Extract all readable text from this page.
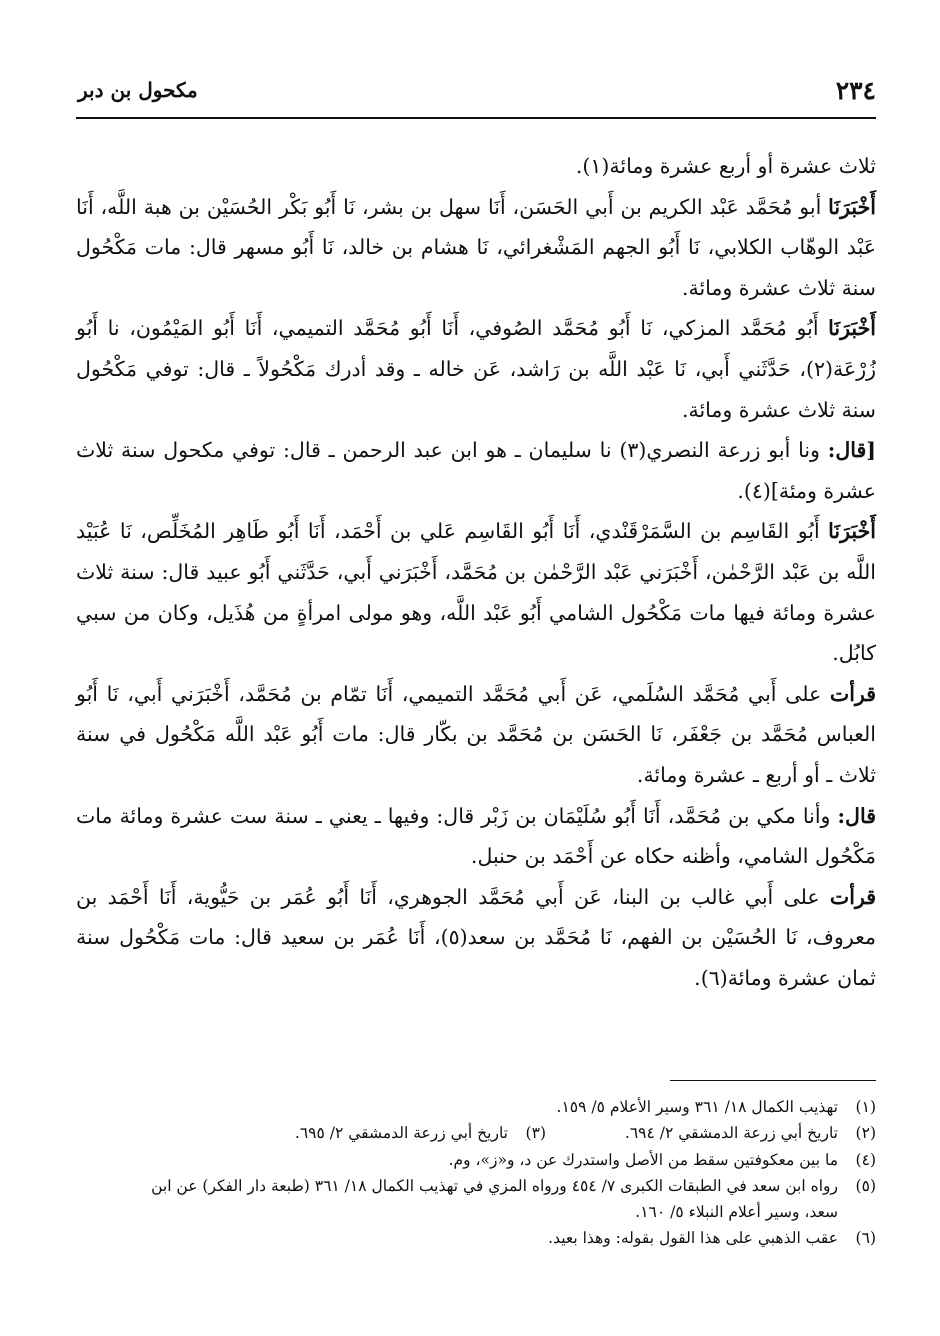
٢٣٤
مكحول بن دبر

ثلاث عشرة أو أربع عشرة ومائة(١).

أَخْبَرَنَا أبو مُحَمَّد عَبْد الكريم بن أَبي الحَسَن، أَنَا سهل بن بشر، نَا أَبُو بَكْر الحُسَيْن بن هبة اللَّه، أَنَا عَبْد الوهّاب الكلابي، نَا أَبُو الجهم المَشْغرائي، نَا هشام بن خالد، نَا أَبُو مسهر قال: مات مَكْحُول سنة ثلاث عشرة ومائة.

أَخْبَرَنَا أَبُو مُحَمَّد المزكي، نَا أَبُو مُحَمَّد الصُوفي، أَنَا أَبُو مُحَمَّد التميمي، أَنَا أَبُو المَيْمُون، نا أَبُو زُرْعَة(٢)، حَدَّثَني أَبي، نَا عَبْد اللَّه بن رَاشد، عَن خاله ـ وقد أدرك مَكْحُولاً ـ قال: توفي مَكْحُول سنة ثلاث عشرة ومائة.

[قال: ونا أبو زرعة النصري(٣) نا سليمان ـ هو ابن عبد الرحمن ـ قال: توفي مكحول سنة ثلاث عشرة ومئة](٤).

أَخْبَرَنَا أَبُو القَاسِم بن السَّمَرْقَنْدي، أَنَا أَبُو القَاسِم عَلي بن أَحْمَد، أَنَا أَبُو طَاهِر المُخَلِّص، نَا عُبَيْد اللَّه بن عَبْد الرَّحْمٰن، أَخْبَرَني عَبْد الرَّحْمٰن بن مُحَمَّد، أَخْبَرَني أَبي، حَدَّثَني أَبُو عبيد قال: سنة ثلاث عشرة ومائة فيها مات مَكْحُول الشامي أَبُو عَبْد اللَّه، وهو مولى امرأةٍ من هُذَيل، وكان من سبي كابُل.

قرأت على أَبي مُحَمَّد السُلَمي، عَن أَبي مُحَمَّد التميمي، أَنَا تمّام بن مُحَمَّد، أَخْبَرَني أَبي، نَا أَبُو العباس مُحَمَّد بن جَعْفَر، نَا الحَسَن بن مُحَمَّد بن بكّار قال: مات أَبُو عَبْد اللَّه مَكْحُول في سنة ثلاث ـ أو أربع ـ عشرة ومائة.

قال: وأنا مكي بن مُحَمَّد، أَنَا أَبُو سُلَيْمَان بن زَبْر قال: وفيها ـ يعني ـ سنة ست عشرة ومائة مات مَكْحُول الشامي، وأظنه حكاه عن أَحْمَد بن حنبل.

قرأت على أَبي غالب بن البنا، عَن أَبي مُحَمَّد الجوهري، أَنَا أَبُو عُمَر بن حَيُّوية، أَنَا أَحْمَد بن معروف، نَا الحُسَيْن بن الفهم، نَا مُحَمَّد بن سعد(٥)، أَنَا عُمَر بن سعيد قال: مات مَكْحُول سنة ثمان عشرة ومائة(٦).

(١)
تهذيب الكمال ١٨/ ٣٦١ وسير الأعلام ٥/ ١٥٩.
(٢)
تاريخ أبي زرعة الدمشقي ٢/ ٦٩٤.
(٣)
تاريخ أبي زرعة الدمشقي ٢/ ٦٩٥.
(٤)
ما بين معكوفتين سقط من الأصل واستدرك عن د، و«ز»، وم.
(٥)
رواه ابن سعد في الطبقات الكبرى ٧/ ٤٥٤ ورواه المزي في تهذيب الكمال ١٨/ ٣٦١ (طبعة دار الفكر) عن ابن
سعد، وسير أعلام النبلاء ٥/ ١٦٠.
(٦)
عقب الذهبي على هذا القول بقوله: وهذا بعيد.
